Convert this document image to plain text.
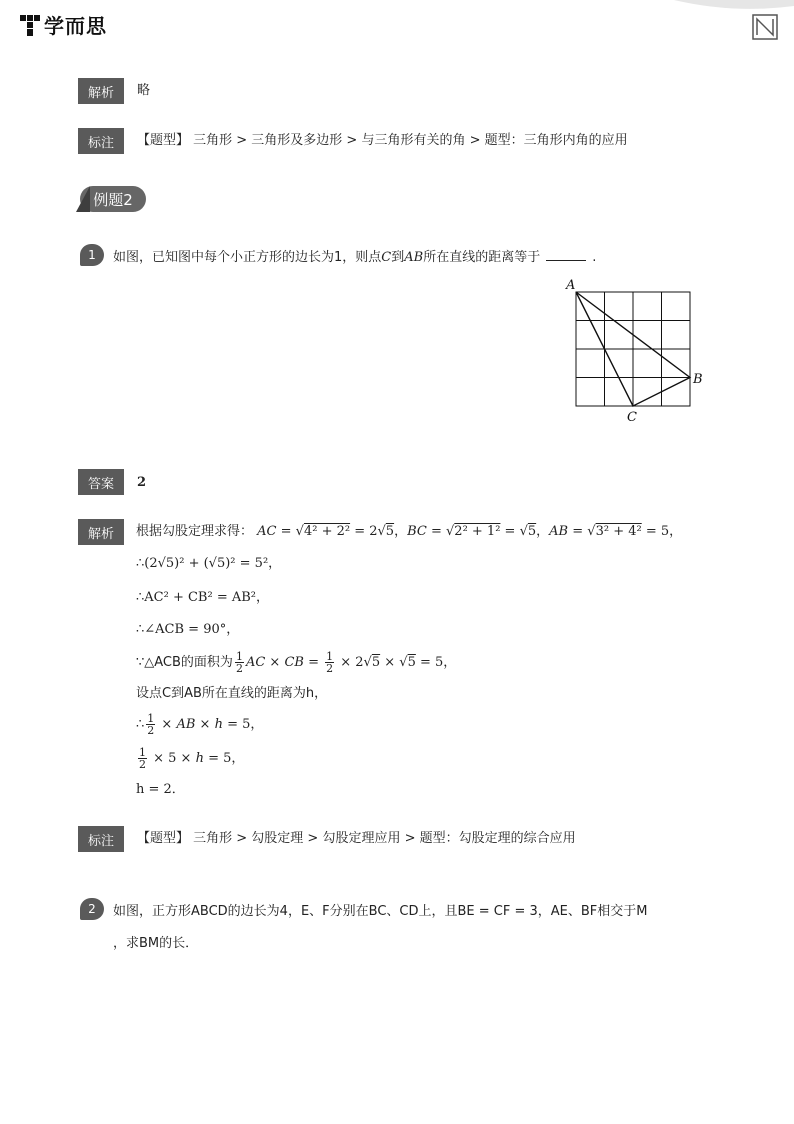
学而思
解析	略
标注	【题型】 三角形 > 三角形及多边形 > 与三角形有关的角 > 题型：三角形内角的应用
例题2
1	如图，已知图中每个小正方形的边长为1，则点C到AB所在直线的距离等于	.
A
B
C
答案	2
解析	根据勾股定理求得： AC = √4² + 2² = 2√5，BC = √2² + 1² = √5，AB = √3² + 4² = 5，
∴(2√5)² + (√5)² = 5²，
∴AC² + CB² = AB²，
∴∠ACB = 90°，
∵△ACB的面积为 $\frac{1}{2}$ AC × CB = $\frac{1}{2} \times 2√5 \times √5 = 5$，
设点C到AB所在直线的距离为h，
∴ $\frac{1}{2}$ × AB × h = 5，
$\frac{1}{2} \times 5 \times h = 5$，
h = 2．
标注	【题型】 三角形 > 勾股定理 > 勾股定理应用 > 题型：勾股定理的综合应用
2	如图，正方形ABCD的边长为4，E、F分别在BC、CD上，且BE = CF = 3，AE、BF相交于M
，求BM的长．
